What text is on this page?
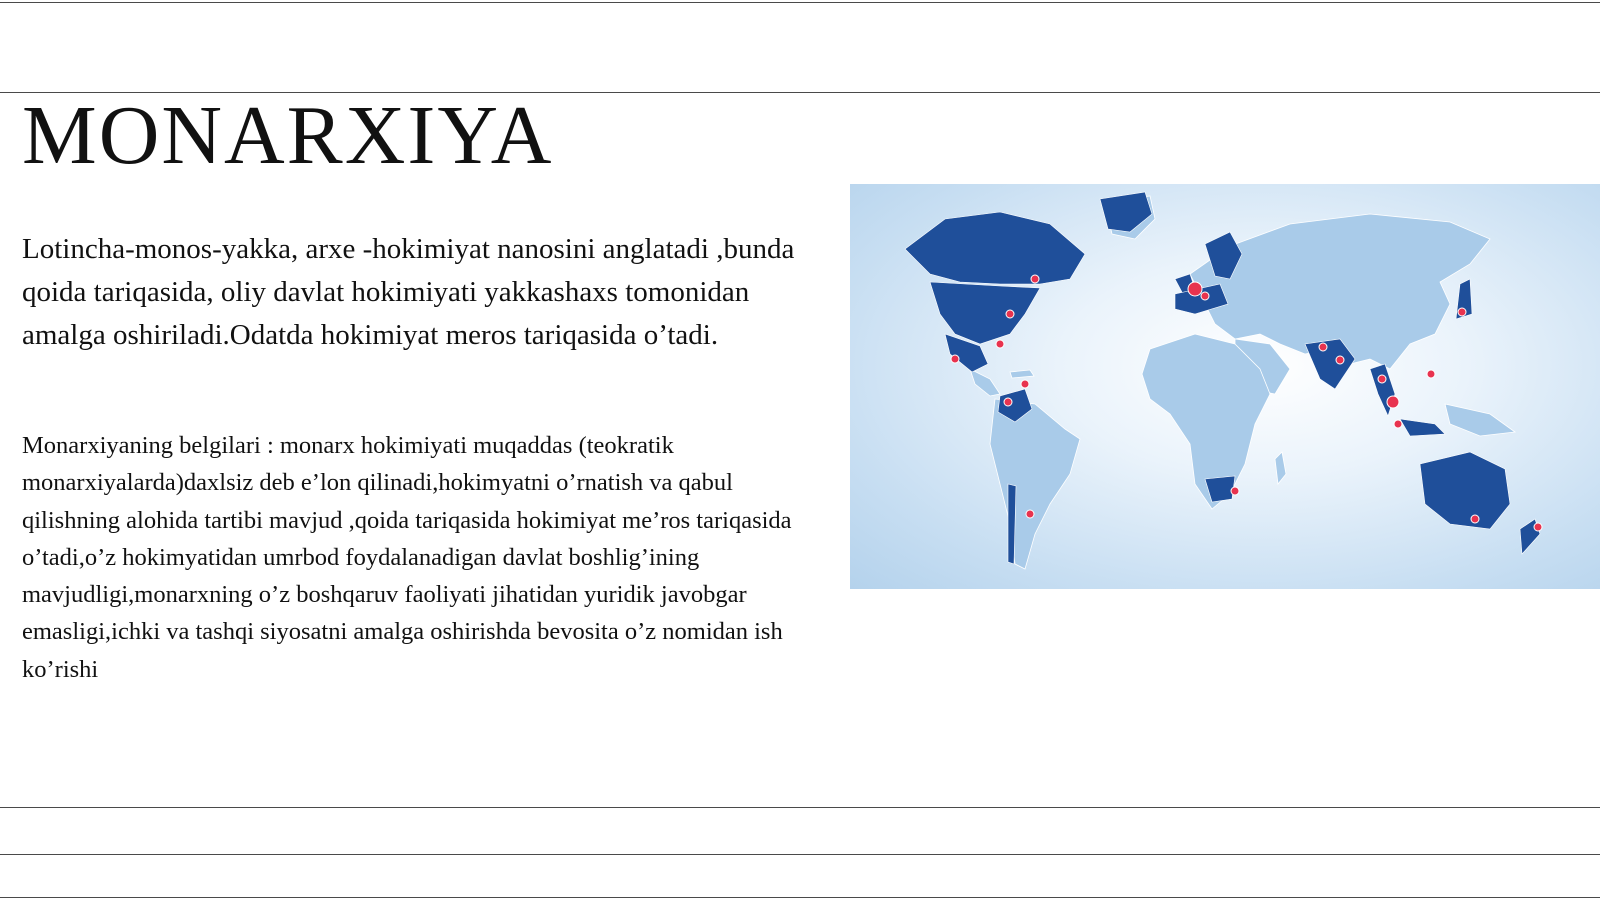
MONARXIYA

Lotincha-monos-yakka, arxe -hokimiyat nanosini anglatadi ,bunda qoida tariqasida, oliy davlat hokimiyati yakkashaxs tomonidan amalga oshiriladi.Odatda hokimiyat meros tariqasida o’tadi.

Monarxiyaning belgilari : monarx hokimiyati muqaddas (teokratik monarxiyalarda)daxlsiz deb e’lon qilinadi,hokimyatni o’rnatish va qabul qilishning alohida tartibi mavjud ,qoida tariqasida hokimiyat me’ros tariqasida o’tadi,o’z hokimyatidan umrbod foydalanadigan davlat boshlig’ining mavjudligi,monarxning o’z boshqaruv faoliyati jihatidan yuridik javobgar emasligi,ichki va tashqi siyosatni amalga oshirishda bevosita o’z nomidan ish ko’rishi
